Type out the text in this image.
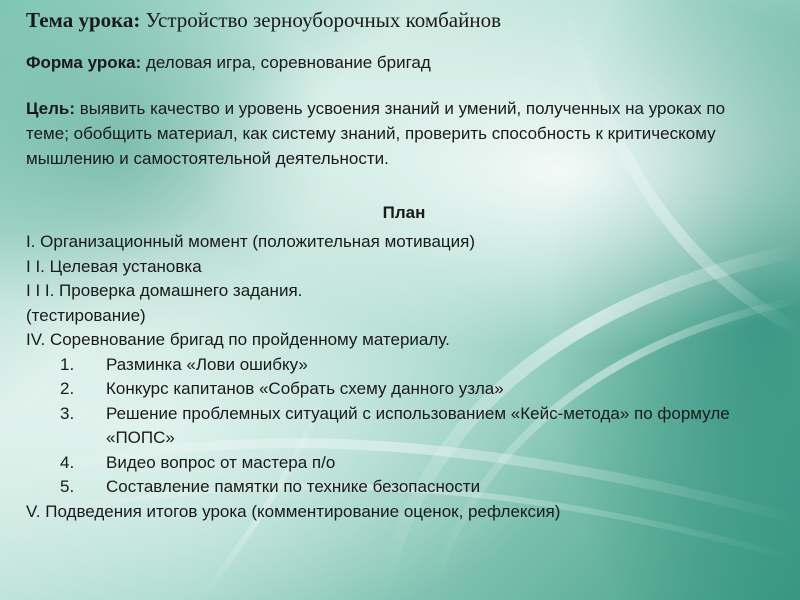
Тема урока: Устройство зерноуборочных комбайнов
Форма урока: деловая игра, соревнование бригад
Цель: выявить качество и уровень усвоения знаний и умений, полученных на уроках по теме; обобщить материал, как систему знаний, проверить способность к критическому мышлению и самостоятельной деятельности.
План
I. Организационный момент (положительная мотивация)
I I. Целевая установка
I I I. Проверка домашнего задания.
(тестирование)
IV. Соревнование бригад по пройденному материалу.
1. Разминка «Лови ошибку»
2. Конкурс капитанов «Собрать схему данного узла»
3. Решение проблемных ситуаций с использованием «Кейс-метода» по формуле «ПОПС»
4. Видео вопрос от мастера п/о
5. Составление памятки по технике безопасности
V. Подведения итогов урока (комментирование оценок, рефлексия)
